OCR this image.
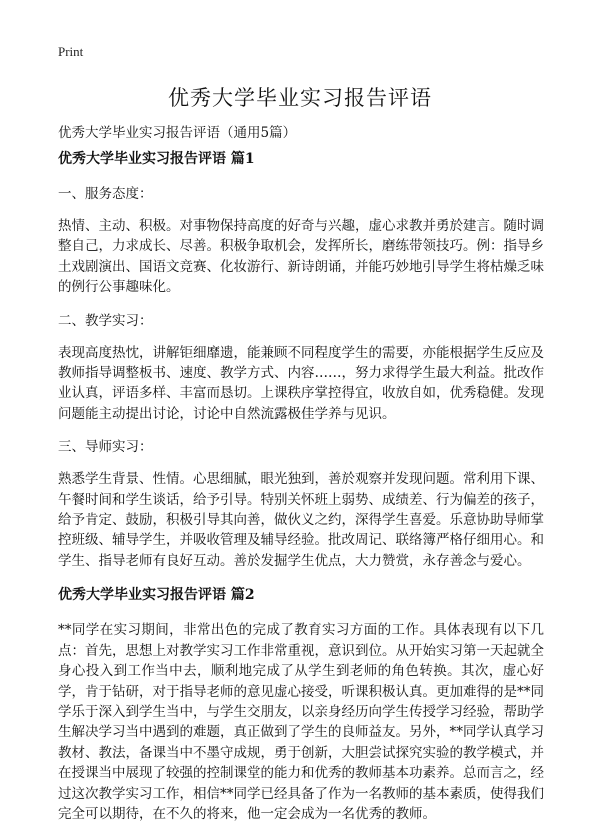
Print
优秀大学毕业实习报告评语

优秀大学毕业实习报告评语（通用5篇）

优秀大学毕业实习报告评语 篇1

一、服务态度：

热情、主动、积极。对事物保持高度的好奇与兴趣，虚心求教并勇於建言。随时调整自己，力求成长、尽善。积极争取机会，发挥所长，磨练带领技巧。例：指导乡土戏剧演出、国语文竞赛、化妆游行、新诗朗诵，并能巧妙地引导学生将枯燥乏味的例行公事趣味化。

二、教学实习：

表现高度热忱，讲解钜细靡遗，能兼顾不同程度学生的需要，亦能根据学生反应及教师指导调整板书、速度、教学方式、内容……，努力求得学生最大利益。批改作业认真，评语多样、丰富而恳切。上课秩序掌控得宜，收放自如，优秀稳健。发现问题能主动提出讨论，讨论中自然流露极佳学养与见识。

三、导师实习：

熟悉学生背景、性情。心思细腻，眼光独到，善於观察并发现问题。常利用下课、午餐时间和学生谈话，给予引导。特别关怀班上弱势、成绩差、行为偏差的孩子，给予肯定、鼓励，积极引导其向善，做伙义之约，深得学生喜爱。乐意协助导师掌控班级、辅导学生，并吸收管理及辅导经验。批改周记、联络簿严格仔细用心。和学生、指导老师有良好互动。善於发掘学生优点，大力赞赏，永存善念与爱心。

优秀大学毕业实习报告评语 篇2

**同学在实习期间，非常出色的完成了教育实习方面的工作。具体表现有以下几点：首先，思想上对教学实习工作非常重视，意识到位。从开始实习第一天起就全身心投入到工作当中去，顺利地完成了从学生到老师的角色转换。其次，虚心好学，肯于钻研，对于指导老师的意见虚心接受，听课积极认真。更加难得的是**同学乐于深入到学生当中，与学生交朋友，以亲身经历向学生传授学习经验，帮助学生解决学习当中遇到的难题，真正做到了学生的良师益友。另外，**同学认真学习教材、教法，备课当中不墨守成规，勇于创新，大胆尝试探究实验的教学模式，并在授课当中展现了较强的控制课堂的能力和优秀的教师基本功素养。总而言之，经过这次教学实习工作，相信**同学已经具备了作为一名教师的基本素质，使得我们完全可以期待，在不久的将来，他一定会成为一名优秀的教师。
